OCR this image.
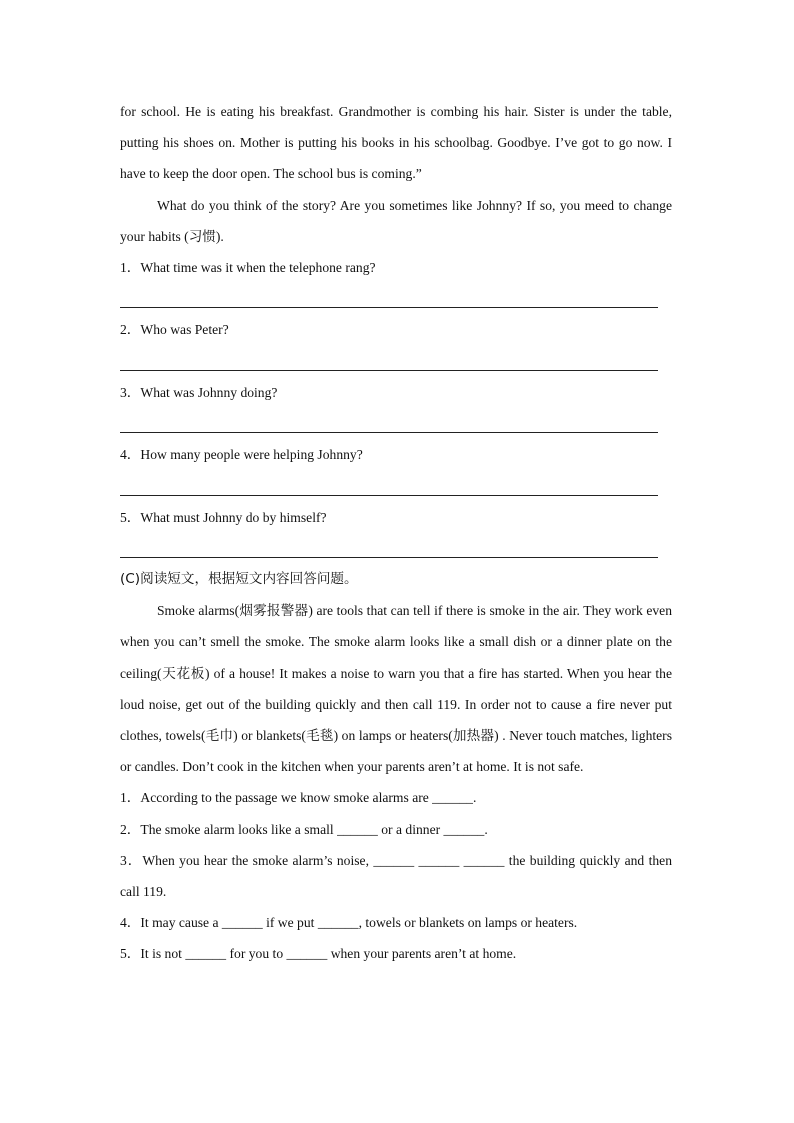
for school. He is eating his breakfast. Grandmother is combing his hair. Sister is under the table, putting his shoes on. Mother is putting his books in his schoolbag. Goodbye. I’ve got to go now. I have to keep the door open. The school bus is coming.”

What do you think of the story? Are you sometimes like Johnny? If so, you meed to change your habits (习惯).

1．What time was it when the telephone rang?

2．Who was Peter?

3．What was Johnny doing?

4．How many people were helping Johnny?

5．What must Johnny do by himself?

(C)阅读短文，根据短文内容回答问题。

Smoke alarms(烟雾报警器) are tools that can tell if there is smoke in the air. They work even when you can’t smell the smoke. The smoke alarm looks like a small dish or a dinner plate on the ceiling(天花板) of a house! It makes a noise to warn you that a fire has started. When you hear the loud noise, get out of the building quickly and then call 119. In order not to cause a fire never put clothes, towels(毛巾) or blankets(毛毯) on lamps or heaters(加热器) . Never touch matches, lighters or candles. Don’t cook in the kitchen when your parents aren’t at home. It is not safe.

1．According to the passage we know smoke alarms are ______.

2．The smoke alarm looks like a small ______ or a dinner ______.

3．When you hear the smoke alarm’s noise, ______ ______ ______ the building quickly and then call 119.

4．It may cause a ______ if we put ______, towels or blankets on lamps or heaters.

5．It is not ______ for you to ______ when your parents aren’t at home.
